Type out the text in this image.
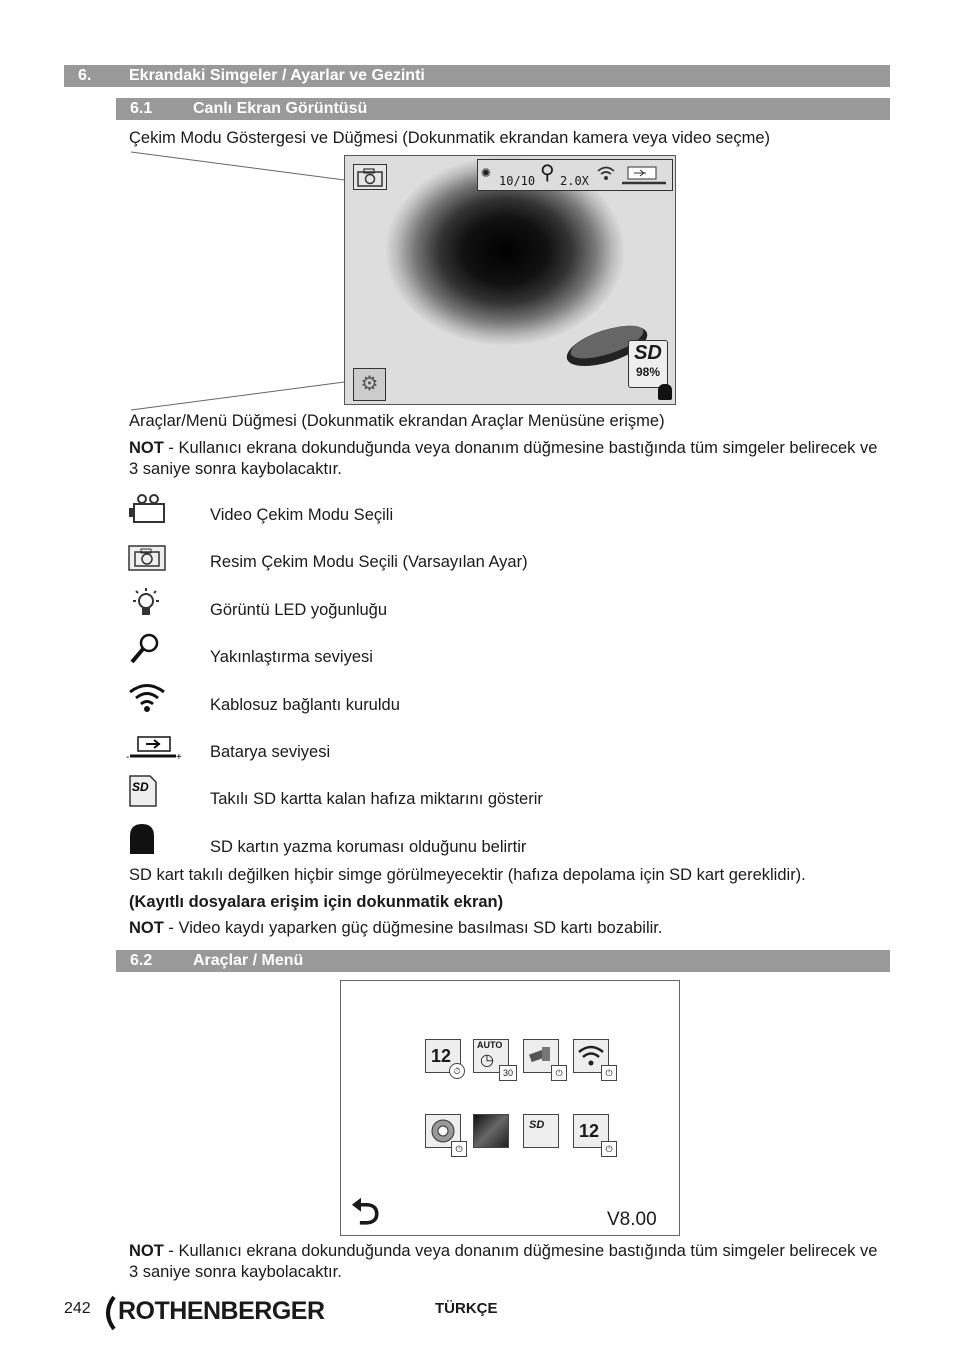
6. Ekrandaki Simgeler / Ayarlar ve Gezinti
6.1	Canlı Ekran Görüntüsü
Çekim Modu Göstergesi ve Düğmesi (Dokunmatik ekrandan kamera veya video seçme)
✺ 10/10 ⚲ 2.0X
SD
98%
⚙
Araçlar/Menü Düğmesi (Dokunmatik ekrandan Araçlar Menüsüne erişme)
NOT - Kullanıcı ekrana dokunduğunda veya donanım düğmesine bastığında tüm simgeler belirecek ve 3 saniye sonra kaybolacaktır.
Video Çekim Modu Seçili
Resim Çekim Modu Seçili (Varsayılan Ayar)
Görüntü LED yoğunluğu
Yakınlaştırma seviyesi
Kablosuz bağlantı kuruldu
-	+ Batarya seviyesi
SD
Takılı SD kartta kalan hafıza miktarını gösterir
SD kartın yazma koruması olduğunu belirtir
SD kart takılı değilken hiçbir simge görülmeyecektir (hafıza depolama için SD kart gereklidir).
(Kayıtlı dosyalara erişim için dokunmatik ekran)
NOT - Video kaydı yaparken güç düğmesine basılması SD kartı bozabilir.
6.2	Araçlar / Menü
12
⏱
AUTO
◷
30	⏻	⏻
⏻
SD 12
⏻
⮌	V8.00
NOT - Kullanıcı ekrana dokunduğunda veya donanım düğmesine bastığında tüm simgeler belirecek ve 3 saniye sonra kaybolacaktır.
242 ROTHENBERGER	TÜRKÇE
